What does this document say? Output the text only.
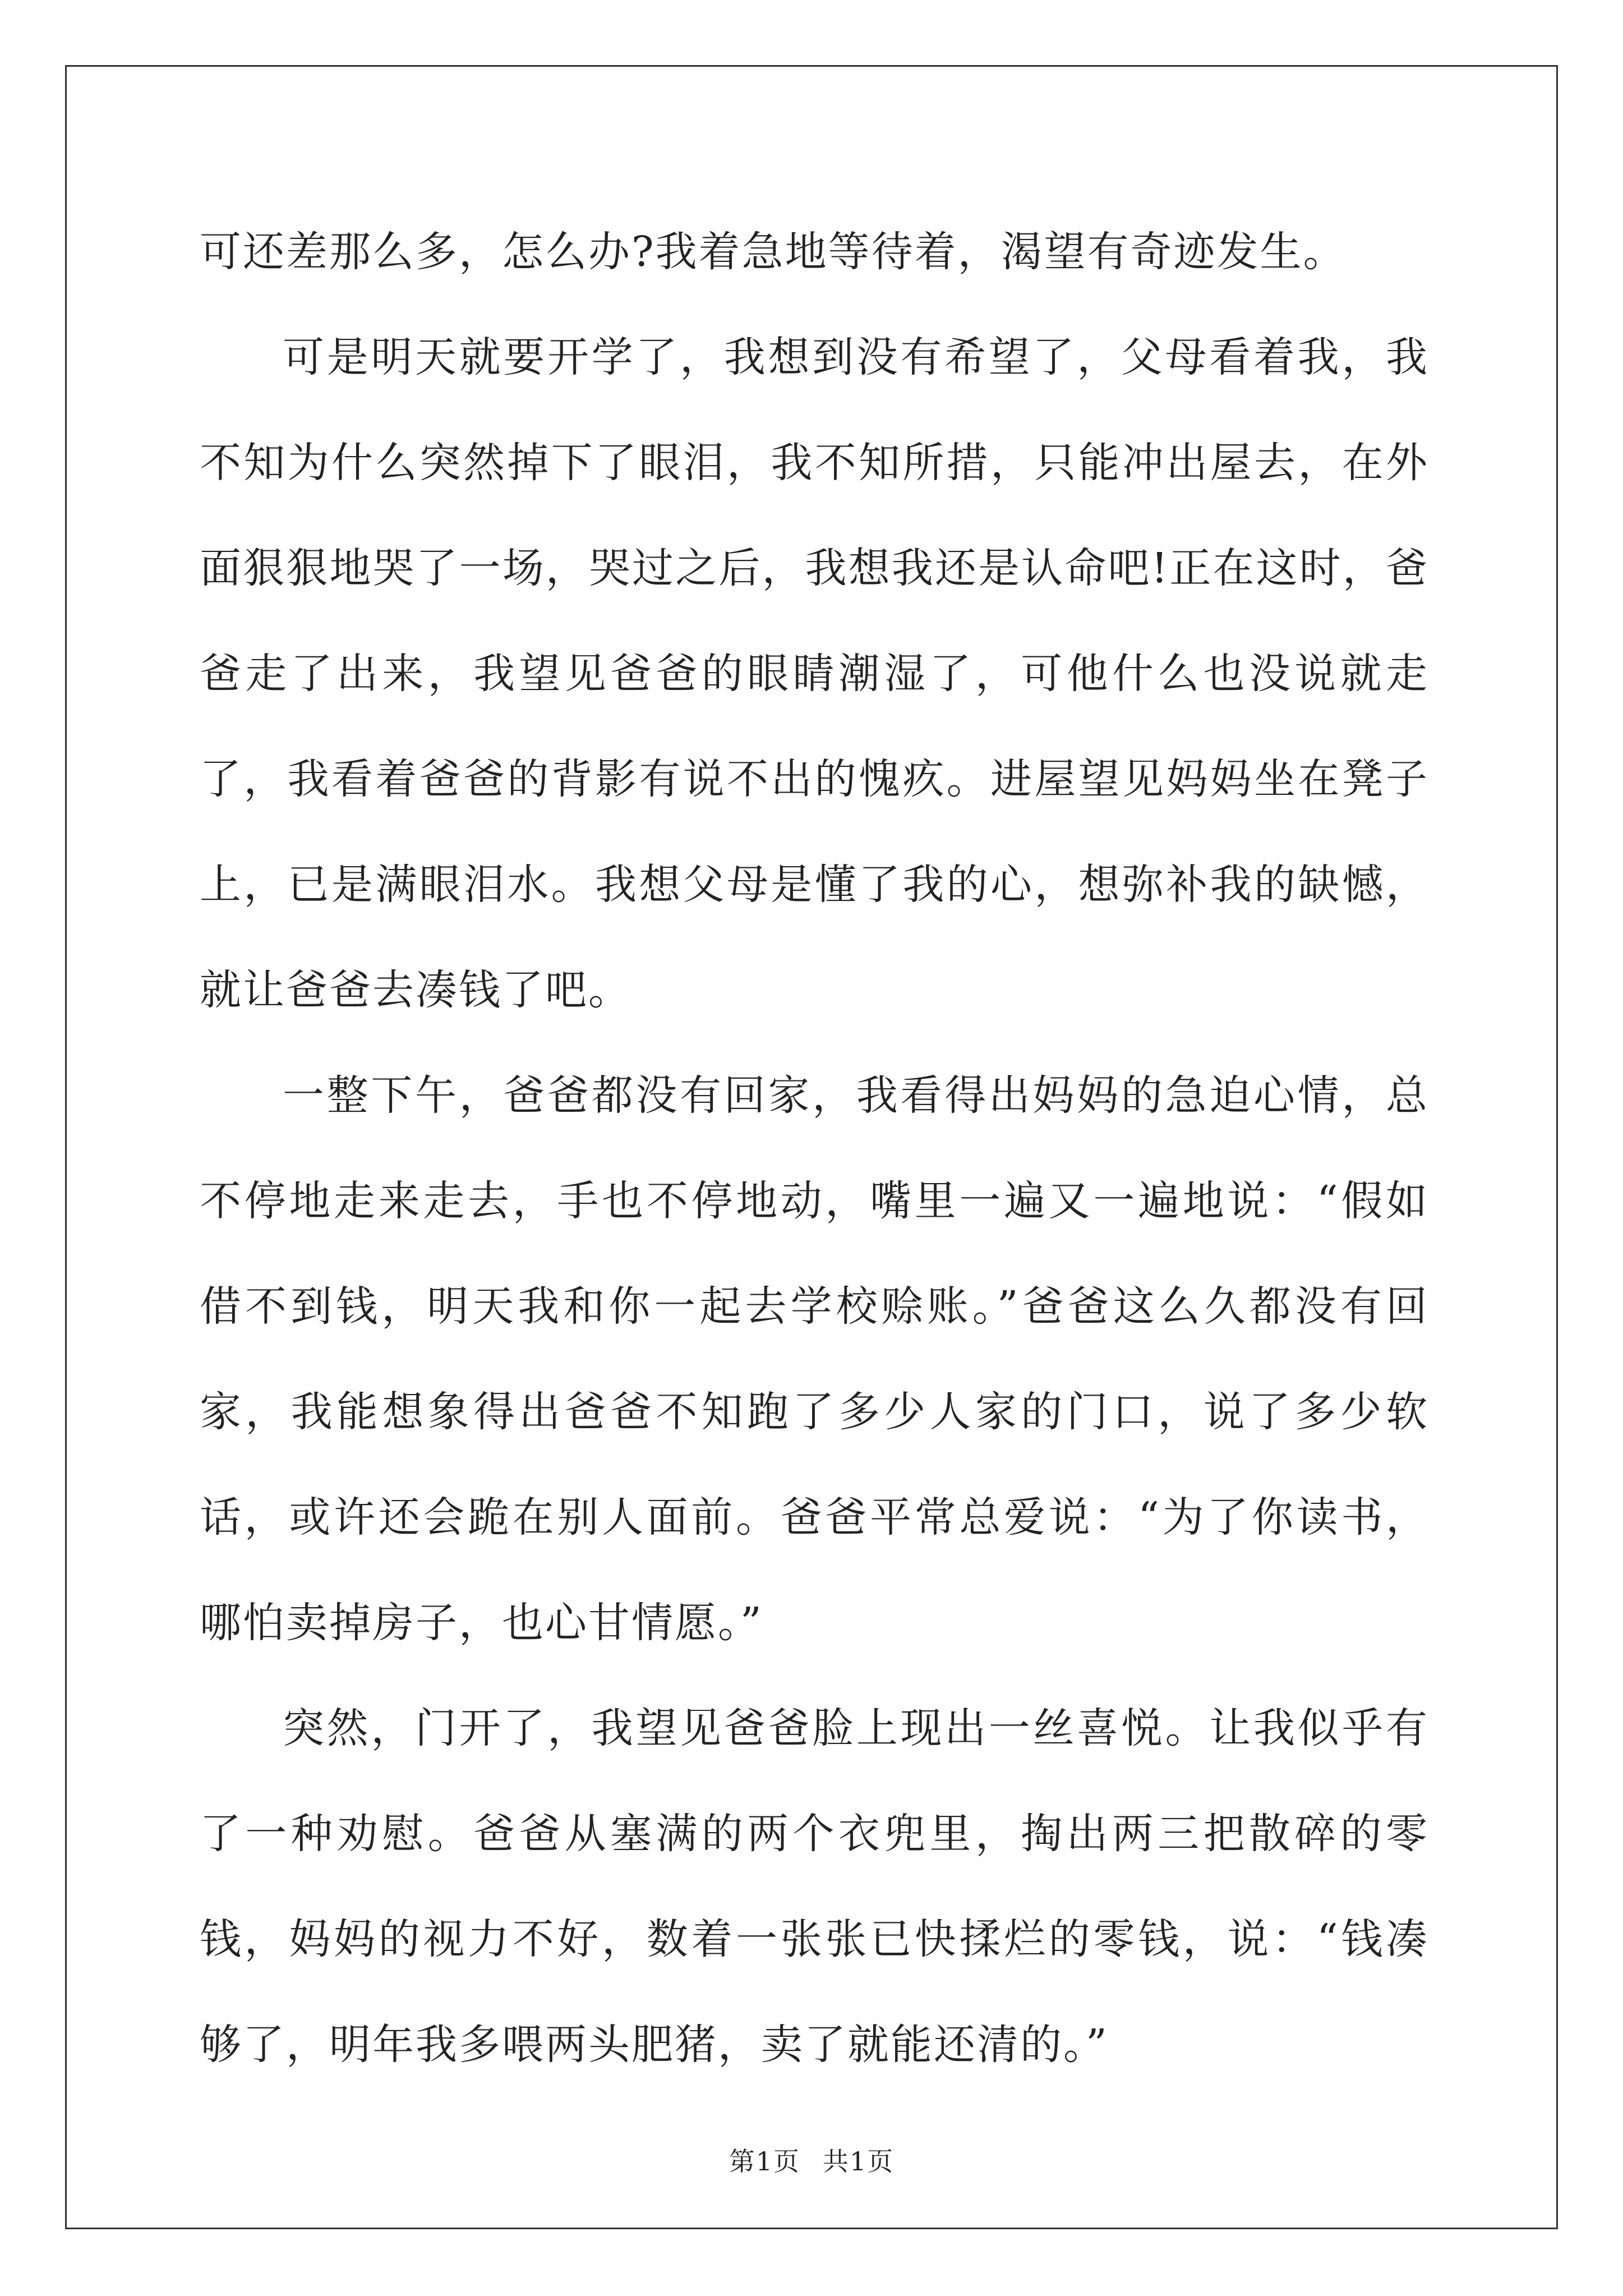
可还差那么多，怎么办?我着急地等待着，渴望有奇迹发生。

可是明天就要开学了，我想到没有希望了，父母看着我，我不知为什么突然掉下了眼泪，我不知所措，只能冲出屋去，在外面狠狠地哭了一场，哭过之后，我想我还是认命吧!正在这时，爸爸走了出来，我望见爸爸的眼睛潮湿了，可他什么也没说就走了，我看着爸爸的背影有说不出的愧疚。进屋望见妈妈坐在凳子上，已是满眼泪水。我想父母是懂了我的心，想弥补我的缺憾，就让爸爸去凑钱了吧。

一整下午，爸爸都没有回家，我看得出妈妈的急迫心情，总不停地走来走去，手也不停地动，嘴里一遍又一遍地说：“假如借不到钱，明天我和你一起去学校赊账。”爸爸这么久都没有回家，我能想象得出爸爸不知跑了多少人家的门口，说了多少软话，或许还会跪在别人面前。爸爸平常总爱说：“为了你读书，哪怕卖掉房子，也心甘情愿。”

突然，门开了，我望见爸爸脸上现出一丝喜悦。让我似乎有了一种劝慰。爸爸从塞满的两个衣兜里，掏出两三把散碎的零钱，妈妈的视力不好，数着一张张已快揉烂的零钱，说：“钱凑够了，明年我多喂两头肥猪，卖了就能还清的。”

第1页 共1页
